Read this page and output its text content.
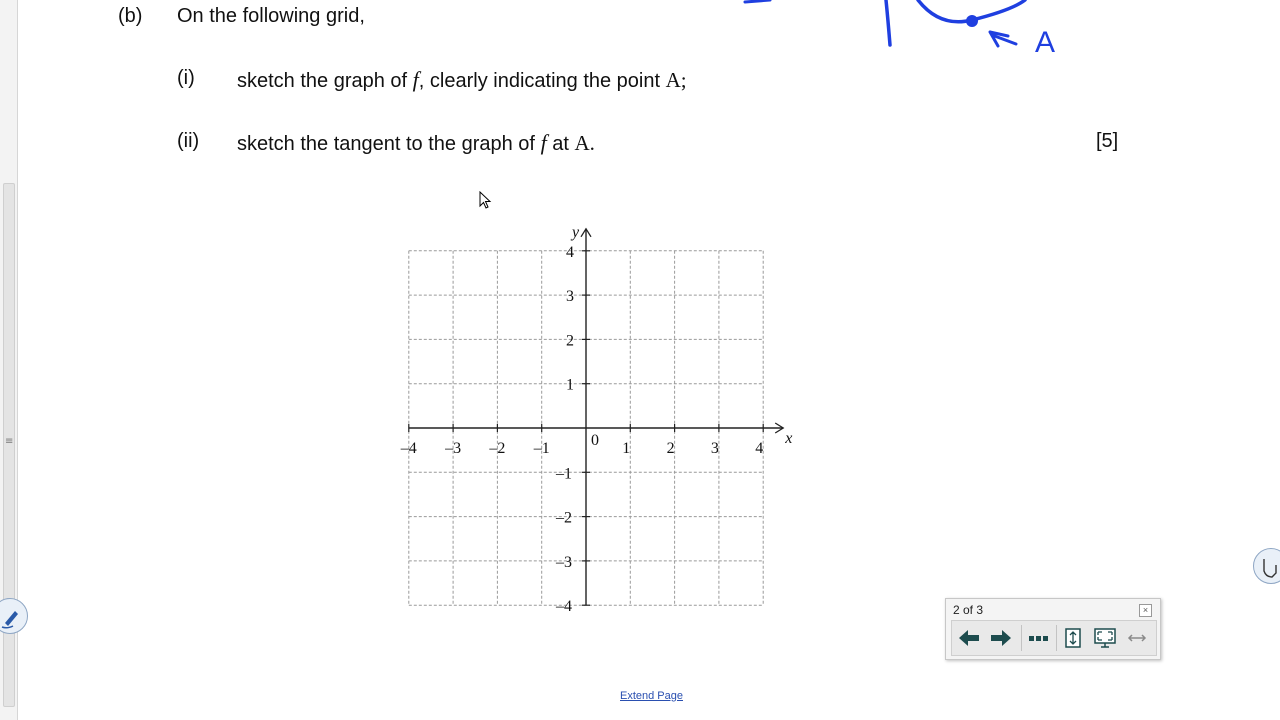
≡
(b) On the following grid,
(i) sketch the graph of f, clearly indicating the point A;
(ii) sketch the tangent to the graph of f at A.	[5]
A
x
y
0
–4 –3 –2 –1	1 2 3 4
4
3
2
1
–1
–2
–3
–4	2 of 3	×
Extend Page
